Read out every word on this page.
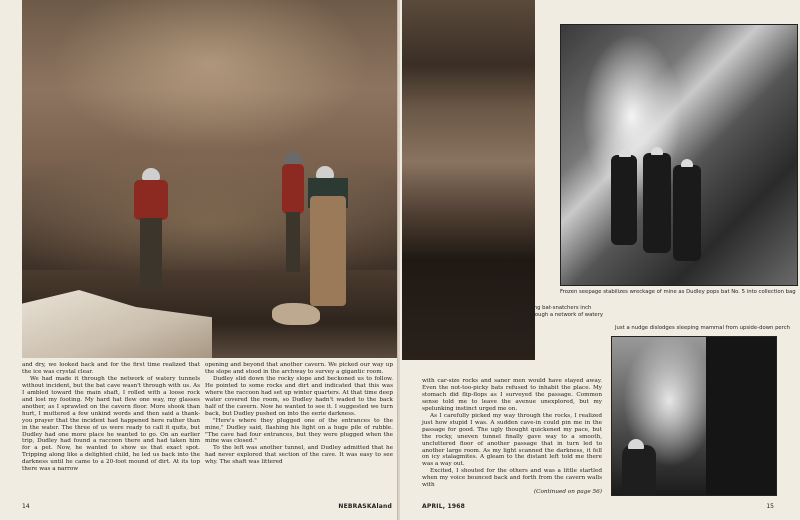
and dry, we looked back and for the first time realized that the ice was crystal clear.

We had made it through the network of watery tunnels without incident, but the bat cave wasn't through with us. As I ambled toward the main shaft, I rolled with a loose rock and lost my footing. My hard hat flew one way, my glasses another, as I sprawled on the cavern floor. More shook than hurt, I muttered a few unkind words and then said a thank-you prayer that the incident had happened here rather than in the water. The three of us were ready to call it quits, but Dudley had one more place he wanted to go. On an earlier trip, Dudley had found a raccoon there and had taken him for a pet. Now, he wanted to show us that exact spot. Tripping along like a delighted child, he led us back into the darkness until he came to a 20-foot mound of dirt. At its top there was a narrow

opening and beyond that another cavern. We picked our way up the slope and stood in the archway to survey a gigantic room.

Dudley slid down the rocky slope and beckoned us to follow. He pointed to some rocks and dirt and indicated that this was where the raccoon had set up winter quarters. At that time deep water covered the room, so Dudley hadn't waded to the back half of the cavern. Now he wanted to see it. I suggested we turn back, but Dudley pushed on into the eerie darkness.

"Here's where they plugged one of the entrances to the mine," Dudley said, flashing his light on a huge pile of rubble. "The cave had four entrances, but they were plugged when the mine was closed."

To the left was another tunnel, and Dudley admitted that he had never explored that section of the cave. It was easy to see why. The shaft was littered

14	NEBRASKAland
Frozen seepage stabilizes wreckage of mine as Dudley pops bat No. 5 into collection bag
Spelunking bat-snatchers inch along through a network of watery tunnels
Just a nudge dislodges sleeping mammal from upside-down perch

with car-size rocks and saner men would have stayed away. Even the not-too-picky bats refused to inhabit the place. My stomach did flip-flops as I surveyed the passage. Common sense told me to leave the avenue unexplored, but my spelunking instinct urged me on.

As I carefully picked my way through the rocks, I realized just how stupid I was. A sudden cave-in could pin me in the passage for good. The ugly thought quickened my pace, but the rocky, uneven tunnel finally gave way to a smooth, uncluttered floor of another passage that in turn led to another large room. As my light scanned the darkness, it fell on icy stalagmites. A gleam to the distant left told me there was a way out.

Excited, I shouted for the others and was a little startled when my voice bounced back and forth from the cavern walls with

(Continued on page 56)

APRIL, 1968	15
